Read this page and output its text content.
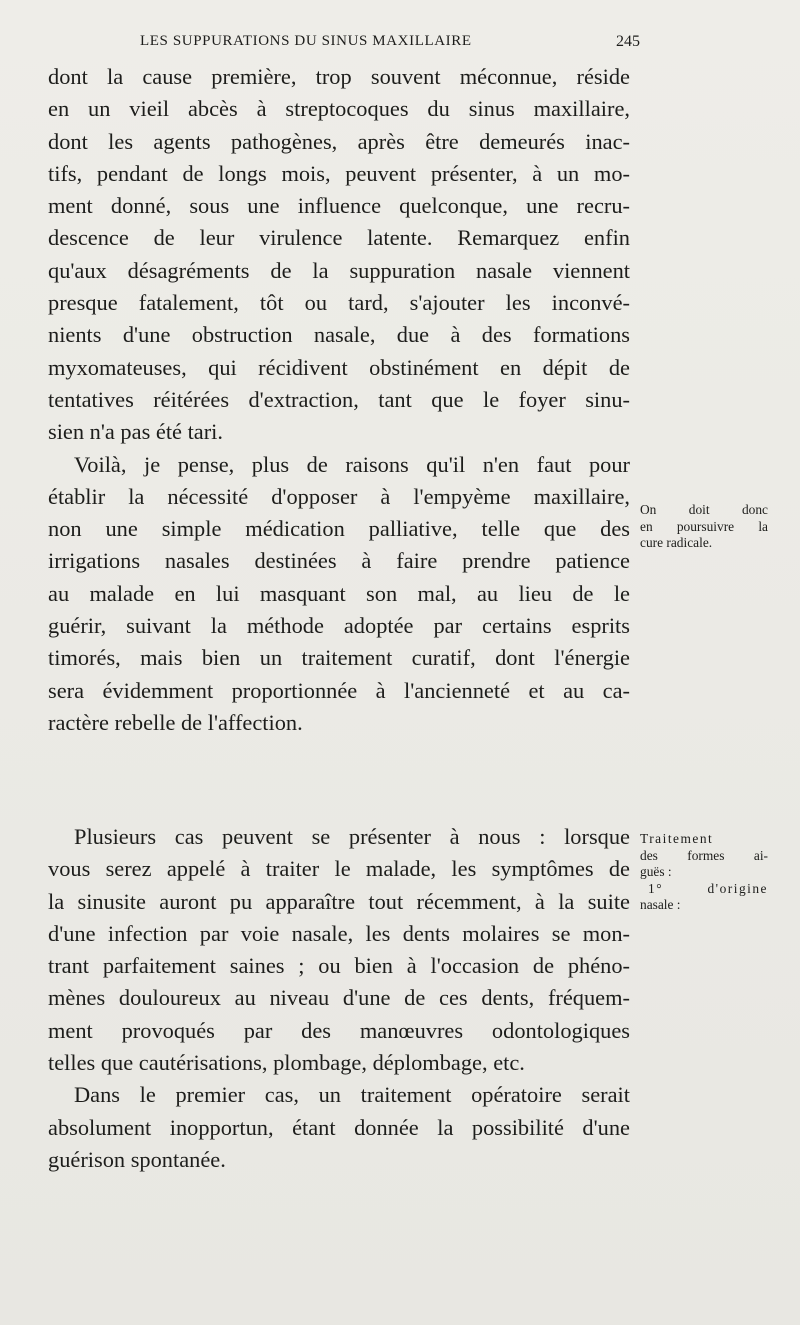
LES SUPPURATIONS DU SINUS MAXILLAIRE	245
dont la cause première, trop souvent méconnue, réside
en un vieil abcès à streptocoques du sinus maxillaire,
dont les agents pathogènes, après être demeurés inac-
tifs, pendant de longs mois, peuvent présenter, à un mo-
ment donné, sous une influence quelconque, une recru-
descence de leur virulence latente. Remarquez enfin
qu'aux désagréments de la suppuration nasale viennent
presque fatalement, tôt ou tard, s'ajouter les inconvé-
nients d'une obstruction nasale, due à des formations
myxomateuses, qui récidivent obstinément en dépit de
tentatives réitérées d'extraction, tant que le foyer sinu-
sien n'a pas été tari.
Voilà, je pense, plus de raisons qu'il n'en faut pour
établir la nécessité d'opposer à l'empyème maxillaire,
non une simple médication palliative, telle que des
irrigations nasales destinées à faire prendre patience
au malade en lui masquant son mal, au lieu de le
guérir, suivant la méthode adoptée par certains esprits
timorés, mais bien un traitement curatif, dont l'énergie
sera évidemment proportionnée à l'ancienneté et au ca-
ractère rebelle de l'affection.
Plusieurs cas peuvent se présenter à nous : lorsque
vous serez appelé à traiter le malade, les symptômes de
la sinusite auront pu apparaître tout récemment, à la suite
d'une infection par voie nasale, les dents molaires se mon-
trant parfaitement saines ; ou bien à l'occasion de phéno-
mènes douloureux au niveau d'une de ces dents, fréquem-
ment provoqués par des manœuvres odontologiques
telles que cautérisations, plombage, déplombage, etc.
Dans le premier cas, un traitement opératoire serait
absolument inopportun, étant donnée la possibilité d'une
guérison spontanée.
On doit donc
en poursuivre la
cure radicale.
Traitement
des formes ai-
guës :
1° d'origine
nasale :
